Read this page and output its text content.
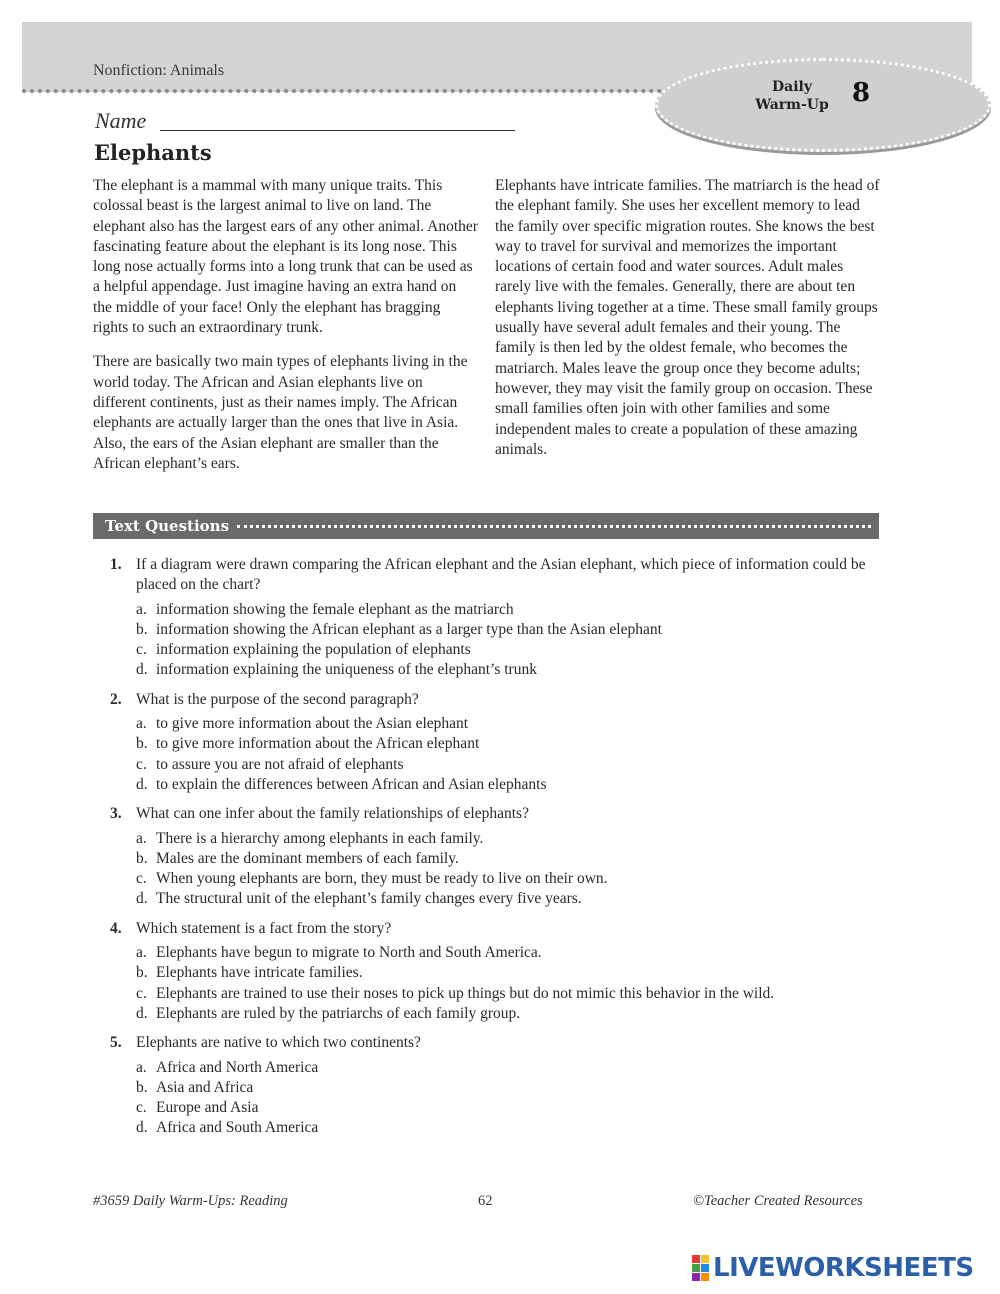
Nonfiction: Animals
Daily
Warm-Up 8
Name
Elephants

The elephant is a mammal with many unique traits. This colossal beast is the largest animal to live on land. The elephant also has the largest ears of any other animal. Another fascinating feature about the elephant is its long nose. This long nose actually forms into a long trunk that can be used as a helpful appendage. Just imagine having an extra hand on the middle of your face! Only the elephant has bragging rights to such an extraordinary trunk.

There are basically two main types of elephants living in the world today. The African and Asian elephants live on different continents, just as their names imply. The African elephants are actually larger than the ones that live in Asia. Also, the ears of the Asian elephant are smaller than the African elephant’s ears.

Elephants have intricate families. The matriarch is the head of the elephant family. She uses her excellent memory to lead the family over specific migration routes. She knows the best way to travel for survival and memorizes the important locations of certain food and water sources. Adult males rarely live with the females. Generally, there are about ten elephants living together at a time. These small family groups usually have several adult females and their young. The family is then led by the oldest female, who becomes the matriarch. Males leave the group once they become adults; however, they may visit the family group on occasion. These small families often join with other families and some independent males to create a population of these amazing animals.

Text Questions
1. If a diagram were drawn comparing the African elephant and the Asian elephant, which piece of information could be placed on the chart?
a. information showing the female elephant as the matriarch
b. information showing the African elephant as a larger type than the Asian elephant
c. information explaining the population of elephants
d. information explaining the uniqueness of the elephant’s trunk
2. What is the purpose of the second paragraph?
a. to give more information about the Asian elephant
b. to give more information about the African elephant
c. to assure you are not afraid of elephants
d. to explain the differences between African and Asian elephants
3. What can one infer about the family relationships of elephants?
a. There is a hierarchy among elephants in each family.
b. Males are the dominant members of each family.
c. When young elephants are born, they must be ready to live on their own.
d. The structural unit of the elephant’s family changes every five years.
4. Which statement is a fact from the story?
a. Elephants have begun to migrate to North and South America.
b. Elephants have intricate families.
c. Elephants are trained to use their noses to pick up things but do not mimic this behavior in the wild.
d. Elephants are ruled by the patriarchs of each family group.
5. Elephants are native to which two continents?
a. Africa and North America
b. Asia and Africa
c. Europe and Asia
d. Africa and South America
#3659 Daily Warm-Ups: Reading	62	©Teacher Created Resources
LIVEWORKSHEETS
